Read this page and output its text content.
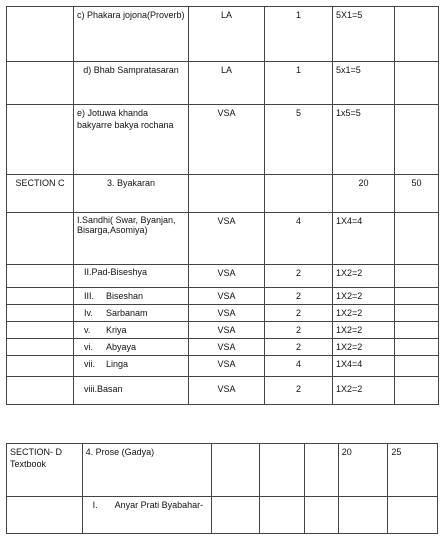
	c) Phakara jojona(Proverb)	LA	1	5X1=5	
	d) Bhab Sampratasaran	LA	1	5x1=5	
	e) Jotuwa khanda bakyarre bakya rochana	VSA	5	1x5=5	
SECTION C	3. Byakaran			20	50
	I.Sandhi( Swar, Byanjan, Bisarga,Asomiya)	VSA	4	1X4=4	
	II.Pad-Biseshya	VSA	2	1X2=2	
	III. Biseshan	VSA	2	1X2=2	
	Iv. Sarbanam	VSA	2	1X2=2	
	v. Kriya	VSA	2	1X2=2	
	vi. Abyaya	VSA	2	1X2=2	
	vii. Linga	VSA	4	1X4=4	
	viii.Basan	VSA	2	1X2=2	
SECTION- D Textbook	4. Prose (Gadya)				20	25
	I. Anyar Prati Byabahar-					
